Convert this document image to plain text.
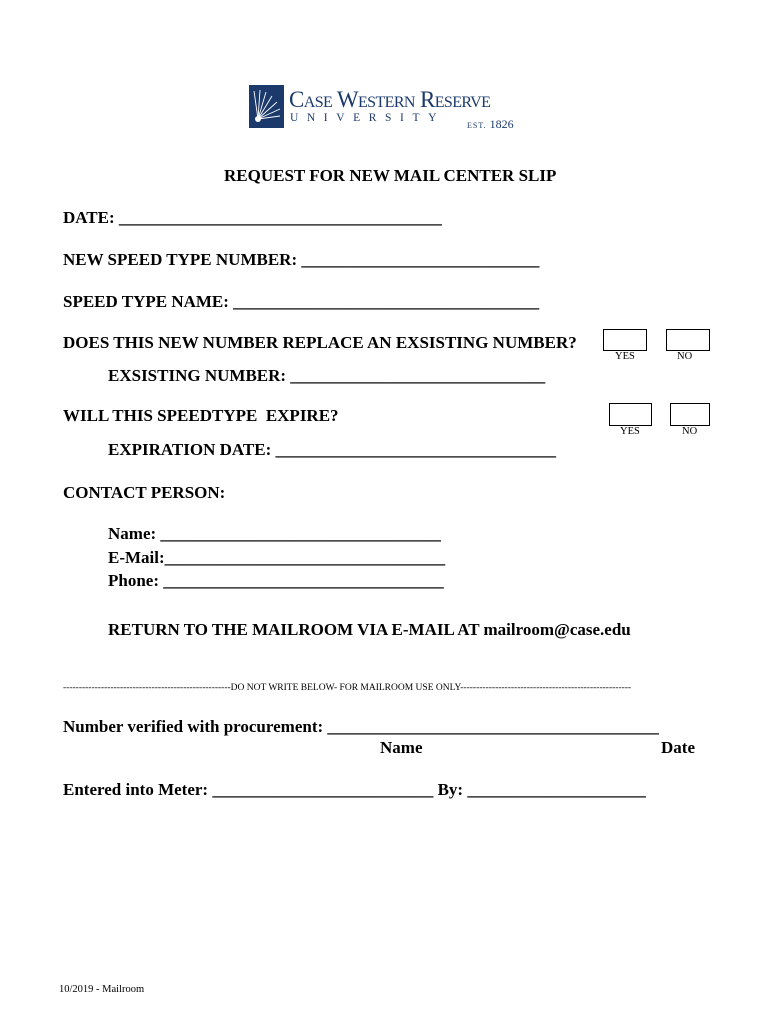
Case Western Reserve
UNIVERSITY
EST. 1826
REQUEST FOR NEW MAIL CENTER SLIP
DATE: ______________________________________
NEW SPEED TYPE NUMBER: ____________________________
SPEED TYPE NAME: ____________________________________
DOES THIS NEW NUMBER REPLACE AN EXSISTING NUMBER?
YES	NO
EXSISTING NUMBER: ______________________________
WILL THIS SPEEDTYPE  EXPIRE?
YES	NO
EXPIRATION DATE: _________________________________
CONTACT PERSON:
Name: _________________________________
E-Mail:_________________________________
Phone: _________________________________
RETURN TO THE MAILROOM VIA E-MAIL AT mailroom@case.edu
-----------------------------------------------------DO NOT WRITE BELOW- FOR MAILROOM USE ONLY------------------------------------------------------
Number verified with procurement: _______________________________________
Name	Date
Entered into Meter: __________________________ By: _____________________
10/2019 - Mailroom
